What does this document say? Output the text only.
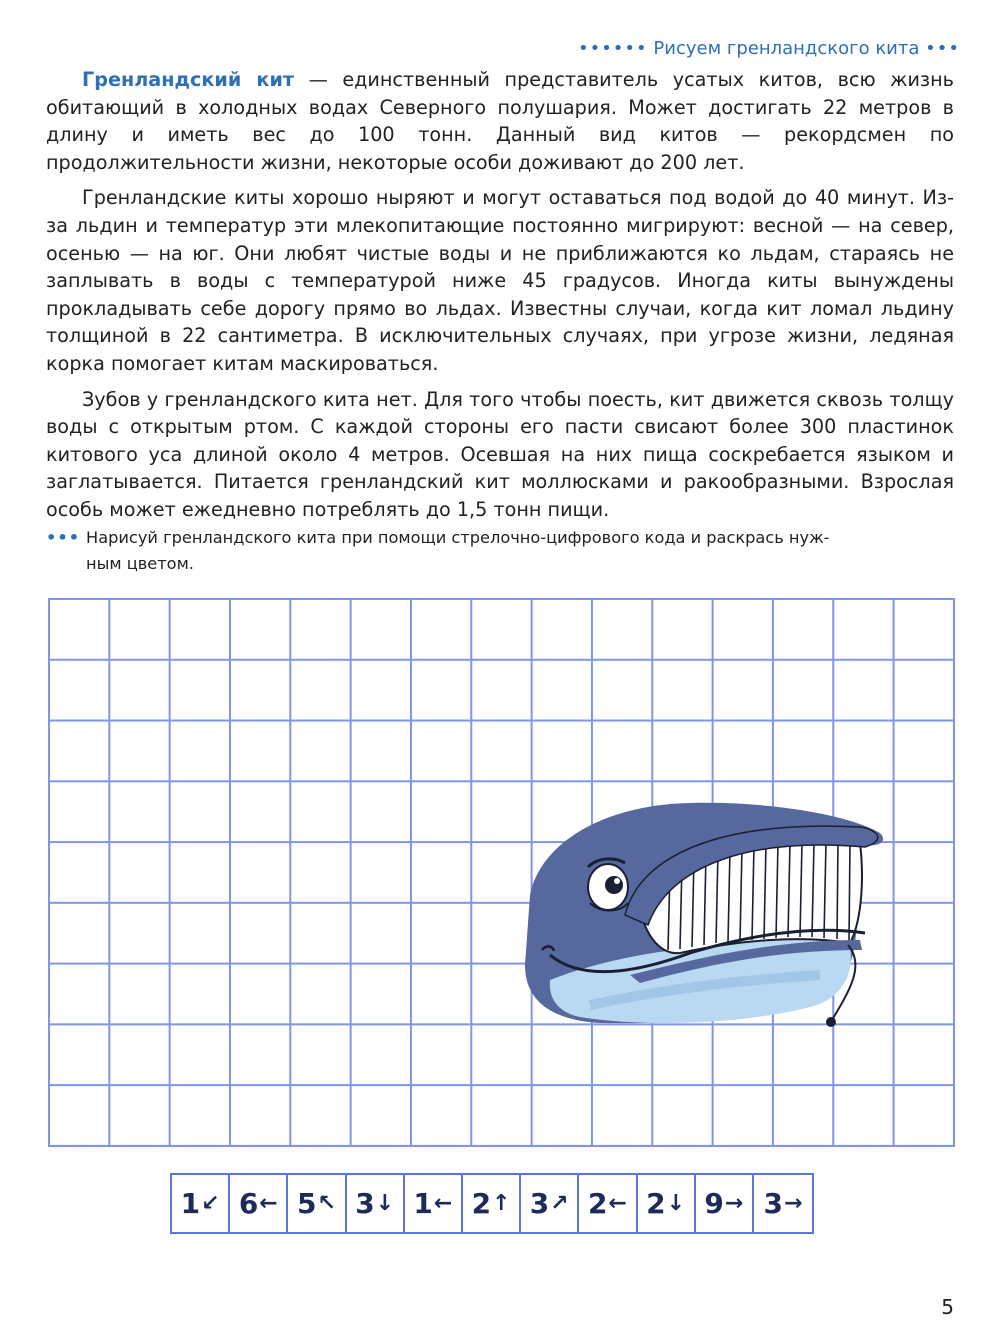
•••••• Рисуем гренландского кита •••

Гренландский кит — единственный представитель усатых китов, всю жизнь обитающий в холодных водах Северного полушария. Может достигать 22 метров в длину и иметь вес до 100 тонн. Данный вид китов — рекордсмен по продолжительности жизни, некоторые особи доживают до 200 лет.

Гренландские киты хорошо ныряют и могут оставаться под водой до 40 минут. Из-за льдин и температур эти млекопитающие постоянно мигрируют: весной — на север, осенью — на юг. Они любят чистые воды и не приближаются ко льдам, стараясь не заплывать в воды с температурой ниже 45 градусов. Иногда киты вынуждены прокладывать себе дорогу прямо во льдах. Известны случаи, когда кит ломал льдину толщиной в 22 сантиметра. В исключительных случаях, при угрозе жизни, ледяная корка помогает китам маскироваться.

Зубов у гренландского кита нет. Для того чтобы поесть, кит движется сквозь толщу воды с открытым ртом. С каждой стороны его пасти свисают более 300 пластинок китового уса длиной около 4 метров. Осевшая на них пища соскребается языком и заглатывается. Питается гренландский кит моллюсками и ракообразными. Взрослая особь может ежедневно потреблять до 1,5 тонн пищи.

••• Нарисуй гренландского кита при помощи стрелочно-цифрового кода и раскрась нуж-
ным цветом.
1 ↙ 6 ← 5 ↖ 3 ↓ 1 ← 2 ↑ 3 ↗ 2 ← 2 ↓ 9 → 3 →
5
